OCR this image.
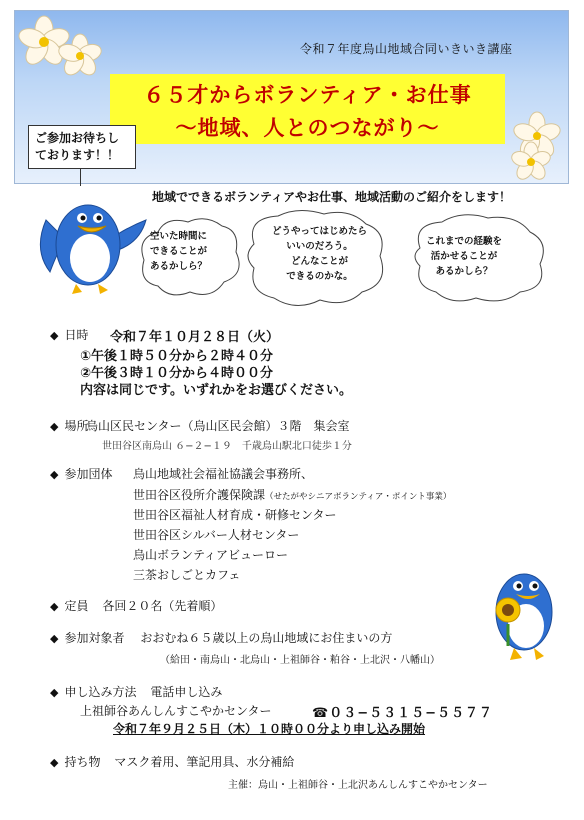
令和７年度烏山地域合同いきいき講座
６５才からボランティア・お仕事
〜地域、人とのつながり〜
ご参加お待ちし
ております！！
地域でできるボランティアやお仕事、地域活動のご紹介をします！
空いた時間に
できることが
あるかしら？
どうやってはじめたら
いいのだろう。
どんなことが
できるのかな。
これまでの経験を
活かせることが
あるかしら？
◆ 日時 令和７年１０月２８日（火）
①午後１時５０分から２時４０分
②午後３時１０分から４時００分
内容は同じです。いずれかをお選びください。
◆ 場所
烏山区民センター（烏山区民会館）３階　集会室
世田谷区南烏山 ６−２−１９　千歳烏山駅北口徒歩１分
◆ 参加団体 烏山地域社会福祉協議会事務所、
世田谷区役所介護保険課（せたがやシニアボランティア・ポイント事業）
世田谷区福祉人材育成・研修センター
世田谷区シルバー人材センター
烏山ボランティアビューロー
三茶おしごとカフェ
◆ 定員 各回２０名（先着順）
◆ 参加対象者 おおむね６５歳以上の烏山地域にお住まいの方
（給田・南烏山・北烏山・上祖師谷・粕谷・上北沢・八幡山）
◆ 申し込み方法 電話申し込み
上祖師谷あんしんすこやかセンター	☎０３−５３１５−５５７７
令和７年９月２５日（木）１０時００分より申し込み開始
◆ 持ち物 マスク着用、筆記用具、水分補給
主催：烏山・上祖師谷・上北沢あんしんすこやかセンター
